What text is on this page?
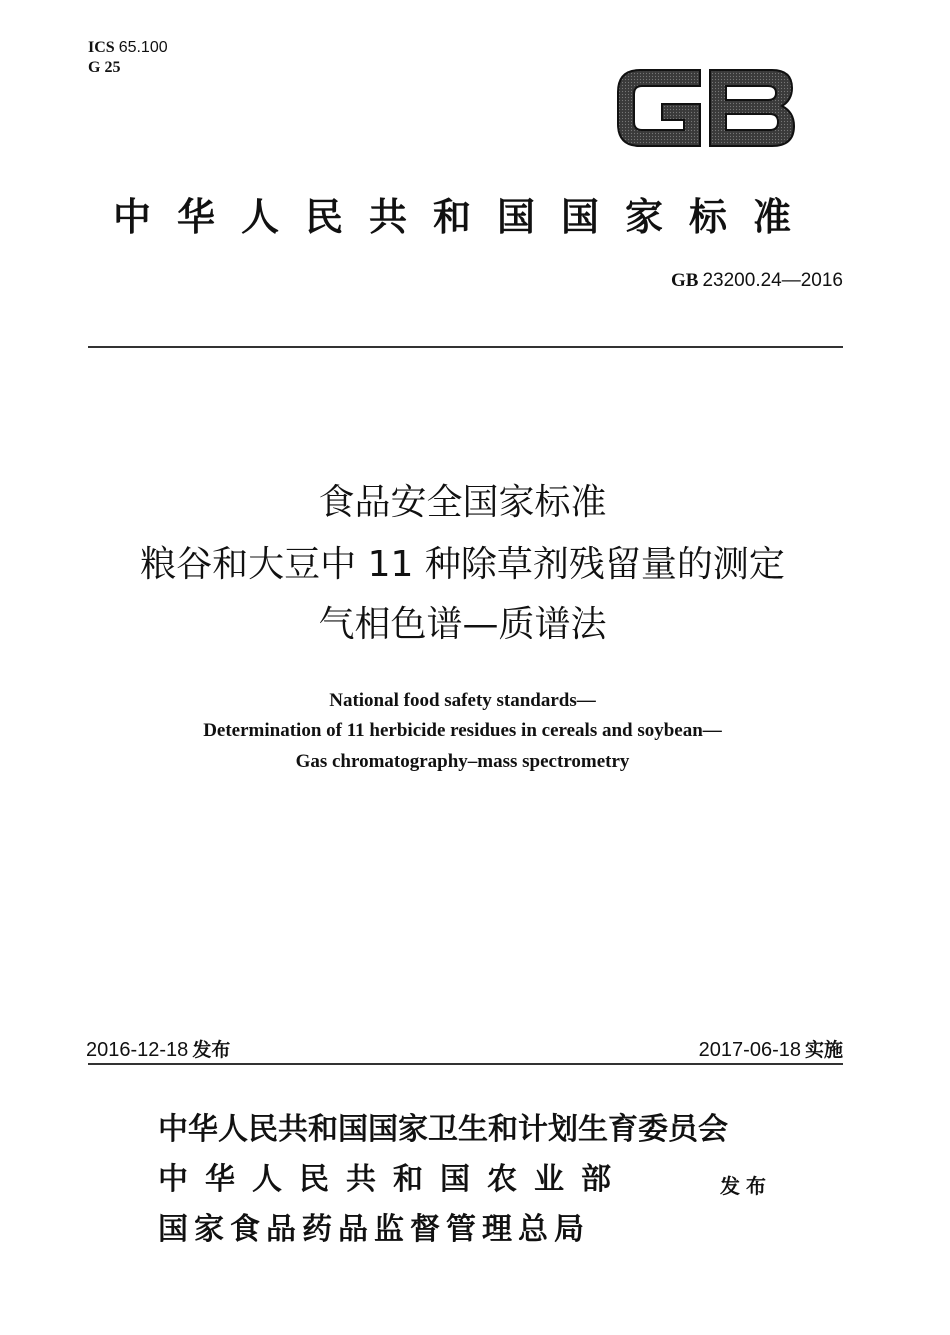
ICS 65.100
G 25
中华人民共和国国家标准
GB 23200.24—2016
食品安全国家标准
粮谷和大豆中 11 种除草剂残留量的测定
气相色谱—质谱法
National food safety standards—
Determination of 11 herbicide residues in cereals and soybean—
Gas chromatography–mass spectrometry
2016-12-18 发布	2017-06-18 实施
中华人民共和国国家卫生和计划生育委员会
中华人民共和国农业部
国家食品药品监督管理总局
发布
